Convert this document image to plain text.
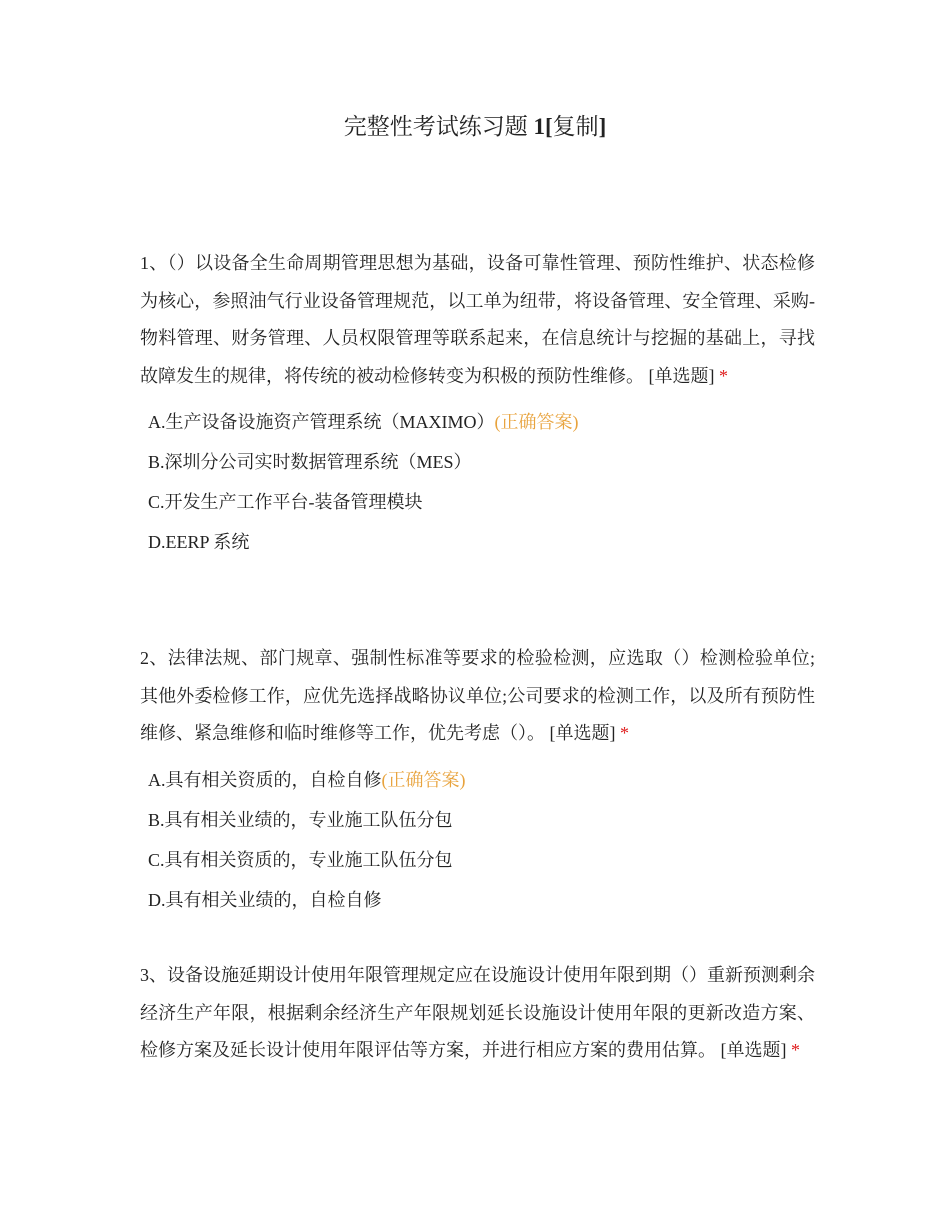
完整性考试练习题 1[复制]

1、（）以设备全生命周期管理思想为基础，设备可靠性管理、预防性维护、状态检修为核心，参照油气行业设备管理规范，以工单为纽带，将设备管理、安全管理、采购-物料管理、财务管理、人员权限管理等联系起来，在信息统计与挖掘的基础上，寻找故障发生的规律，将传统的被动检修转变为积极的预防性维修。 [单选题] *

A.生产设备设施资产管理系统（MAXIMO）(正确答案)
B.深圳分公司实时数据管理系统（MES）
C.开发生产工作平台-装备管理模块
D.EERP 系统

2、法律法规、部门规章、强制性标准等要求的检验检测，应选取（）检测检验单位;其他外委检修工作，应优先选择战略协议单位;公司要求的检测工作，以及所有预防性维修、紧急维修和临时维修等工作，优先考虑（）。 [单选题] *

A.具有相关资质的，自检自修(正确答案)
B.具有相关业绩的，专业施工队伍分包
C.具有相关资质的，专业施工队伍分包
D.具有相关业绩的，自检自修

3、设备设施延期设计使用年限管理规定应在设施设计使用年限到期（）重新预测剩余经济生产年限，根据剩余经济生产年限规划延长设施设计使用年限的更新改造方案、检修方案及延长设计使用年限评估等方案，并进行相应方案的费用估算。 [单选题] *
